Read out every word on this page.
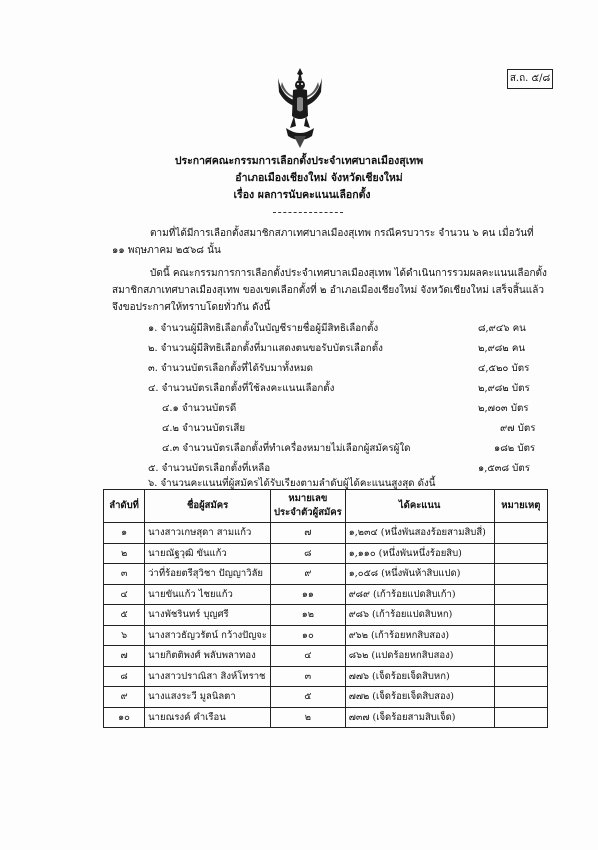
ส.ถ. ๕/๘
ประกาศคณะกรรมการเลือกตั้งประจำเทศบาลเมืองสุเทพ
อำเภอเมืองเชียงใหม่ จังหวัดเชียงใหม่
เรื่อง ผลการนับคะแนนเลือกตั้ง
ตามที่ได้มีการเลือกตั้งสมาชิกสภาเทศบาลเมืองสุเทพ กรณีครบวาระ จำนวน ๖ คน เมื่อวันที่
๑๑ พฤษภาคม ๒๕๖๘ นั้น
บัดนี้ คณะกรรมการการเลือกตั้งประจำเทศบาลเมืองสุเทพ ได้ดำเนินการรวมผลคะแนนเลือกตั้ง
สมาชิกสภาเทศบาลเมืองสุเทพ ของเขตเลือกตั้งที่ ๒ อำเภอเมืองเชียงใหม่ จังหวัดเชียงใหม่ เสร็จสิ้นแล้ว
จึงขอประกาศให้ทราบโดยทั่วกัน ดังนี้
๑. จำนวนผู้มีสิทธิเลือกตั้งในบัญชีรายชื่อผู้มีสิทธิเลือกตั้ง	๘,๙๔๖ คน
๒. จำนวนผู้มีสิทธิเลือกตั้งที่มาแสดงตนขอรับบัตรเลือกตั้ง	๒,๙๘๒ คน
๓. จำนวนบัตรเลือกตั้งที่ได้รับมาทั้งหมด	๔,๕๒๐ บัตร
๔. จำนวนบัตรเลือกตั้งที่ใช้ลงคะแนนเลือกตั้ง	๒,๙๘๒ บัตร
๔.๑ จำนวนบัตรดี	๒,๗๐๓ บัตร
๔.๒ จำนวนบัตรเสีย	๙๗ บัตร
๔.๓ จำนวนบัตรเลือกตั้งที่ทำเครื่องหมายไม่เลือกผู้สมัครผู้ใด	๑๘๒ บัตร
๕. จำนวนบัตรเลือกตั้งที่เหลือ	๑,๕๓๘ บัตร
๖. จำนวนคะแนนที่ผู้สมัครได้รับเรียงตามลำดับผู้ได้คะแนนสูงสุด ดังนี้
ลำดับที่	ชื่อผู้สมัคร	หมายเลข
ประจำตัวผู้สมัคร	ได้คะแนน	หมายเหตุ
๑	นางสาวเกษสุดา สามแก้ว	๗	๑,๒๓๔ (หนึ่งพันสองร้อยสามสิบสี่)	
๒	นายณัฐวุฒิ ขันแก้ว	๘	๑,๑๑๐ (หนึ่งพันหนึ่งร้อยสิบ)	
๓	ว่าที่ร้อยตรีสุวิชา ปัญญาวิลัย	๙	๑,๐๕๘ (หนึ่งพันห้าสิบแปด)	
๔	นายขันแก้ว ไชยแก้ว	๑๑	๙๘๙ (เก้าร้อยแปดสิบเก้า)	
๕	นางพัชรินทร์ บุญศรี	๑๒	๙๘๖ (เก้าร้อยแปดสิบหก)	
๖	นางสาวธัญวรัตน์ กว้างปัญจะ	๑๐	๙๖๒ (เก้าร้อยหกสิบสอง)	
๗	นายกิตติพงศ์ พลับพลาทอง	๔	๘๖๒ (แปดร้อยหกสิบสอง)	
๘	นางสาวปราณิสา สิงห์โทราช	๓	๗๗๖ (เจ็ดร้อยเจ็ดสิบหก)	
๙	นางแสงระวี มูลนิลตา	๕	๗๗๒ (เจ็ดร้อยเจ็ดสิบสอง)	
๑๐	นายณรงค์ คำเรือน	๒	๗๓๗ (เจ็ดร้อยสามสิบเจ็ด)	
